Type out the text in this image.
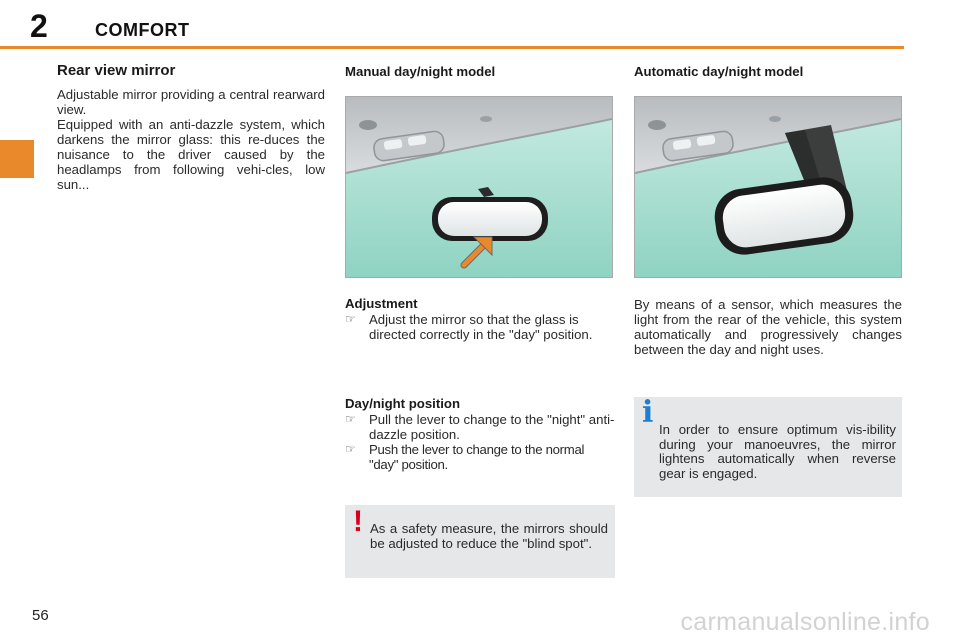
2	COMFORT
Rear view mirror

Adjustable mirror providing a central rearward view.

Equipped with an anti-dazzle system, which darkens the mirror glass: this re-duces the nuisance to the driver caused by the headlamps from following vehi-cles, low sun...

Manual day/night model
Adjustment
☞ Adjust the mirror so that the glass is directed correctly in the "day" position.
Day/night position
☞ Pull the lever to change to the "night" anti-dazzle position.
☞ Push the lever to change to the normal "day" position.
! As a safety measure, the mirrors should be adjusted to reduce the "blind spot".
Automatic day/night model

By means of a sensor, which measures the light from the rear of the vehicle, this system automatically and progressively changes between the day and night uses.

i In order to ensure optimum vis-ibility during your manoeuvres, the mirror lightens automatically when reverse gear is engaged.
56	carmanualsonline.info
